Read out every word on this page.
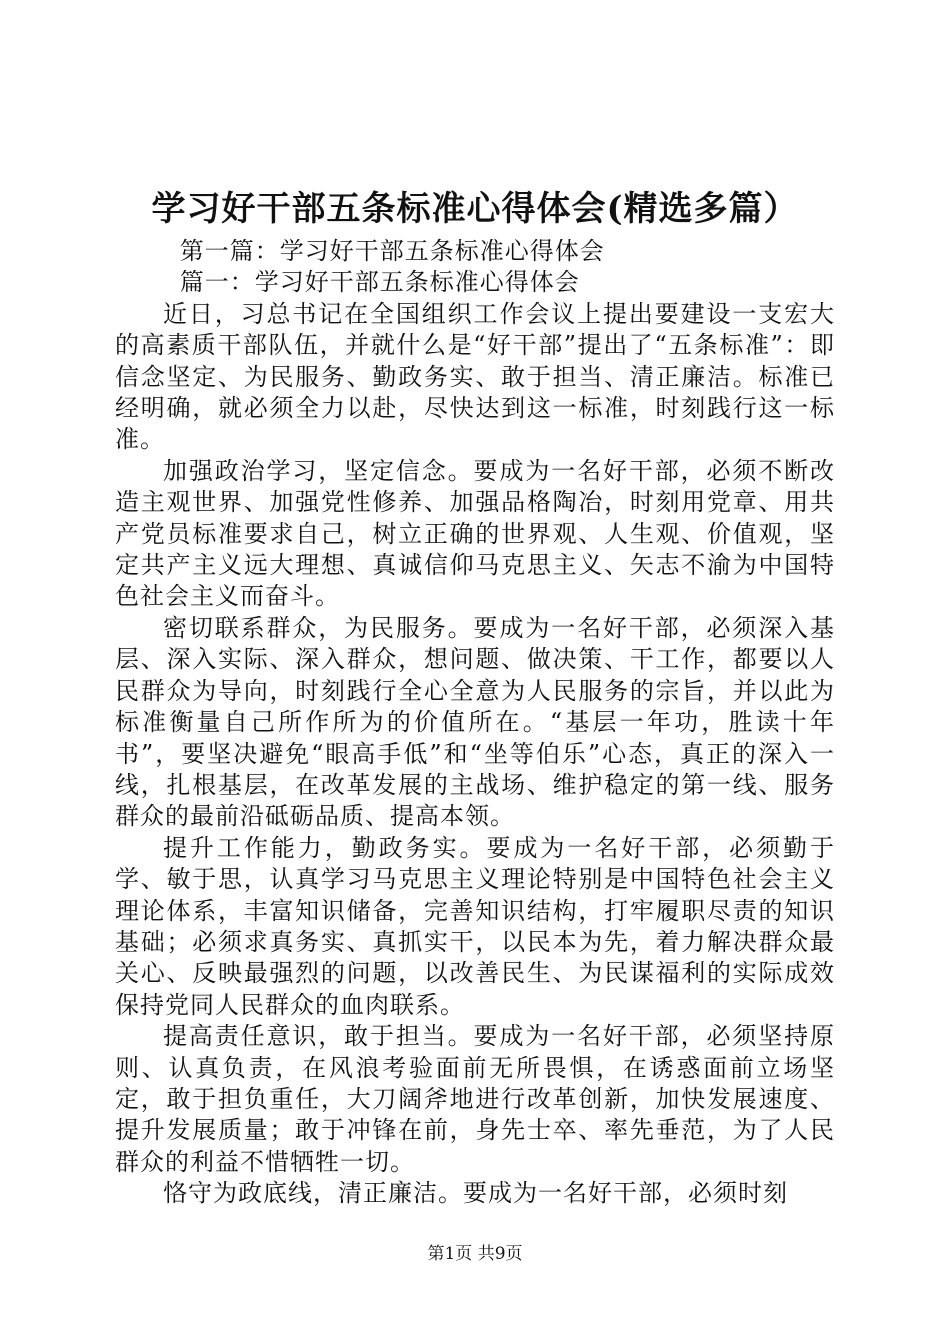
学习好干部五条标准心得体会(精选多篇）

第一篇：学习好干部五条标准心得体会

篇一：学习好干部五条标准心得体会

近日，习总书记在全国组织工作会议上提出要建设一支宏大的高素质干部队伍，并就什么是“好干部”提出了“五条标准”：即信念坚定、为民服务、勤政务实、敢于担当、清正廉洁。标准已经明确，就必须全力以赴，尽快达到这一标准，时刻践行这一标准。

加强政治学习，坚定信念。要成为一名好干部，必须不断改造主观世界、加强党性修养、加强品格陶冶，时刻用党章、用共产党员标准要求自己，树立正确的世界观、人生观、价值观，坚定共产主义远大理想、真诚信仰马克思主义、矢志不渝为中国特色社会主义而奋斗。

密切联系群众，为民服务。要成为一名好干部，必须深入基层、深入实际、深入群众，想问题、做决策、干工作，都要以人民群众为导向，时刻践行全心全意为人民服务的宗旨，并以此为标准衡量自己所作所为的价值所在。“基层一年功，胜读十年书”，要坚决避免“眼高手低”和“坐等伯乐”心态，真正的深入一线，扎根基层，在改革发展的主战场、维护稳定的第一线、服务群众的最前沿砥砺品质、提高本领。

提升工作能力，勤政务实。要成为一名好干部，必须勤于学、敏于思，认真学习马克思主义理论特别是中国特色社会主义理论体系，丰富知识储备，完善知识结构，打牢履职尽责的知识基础；必须求真务实、真抓实干，以民本为先，着力解决群众最关心、反映最强烈的问题，以改善民生、为民谋福利的实际成效保持党同人民群众的血肉联系。

提高责任意识，敢于担当。要成为一名好干部，必须坚持原则、认真负责，在风浪考验面前无所畏惧，在诱惑面前立场坚定，敢于担负重任，大刀阔斧地进行改革创新，加快发展速度、提升发展质量；敢于冲锋在前，身先士卒、率先垂范，为了人民群众的利益不惜牺牲一切。

恪守为政底线，清正廉洁。要成为一名好干部，必须时刻

第1页 共9页
